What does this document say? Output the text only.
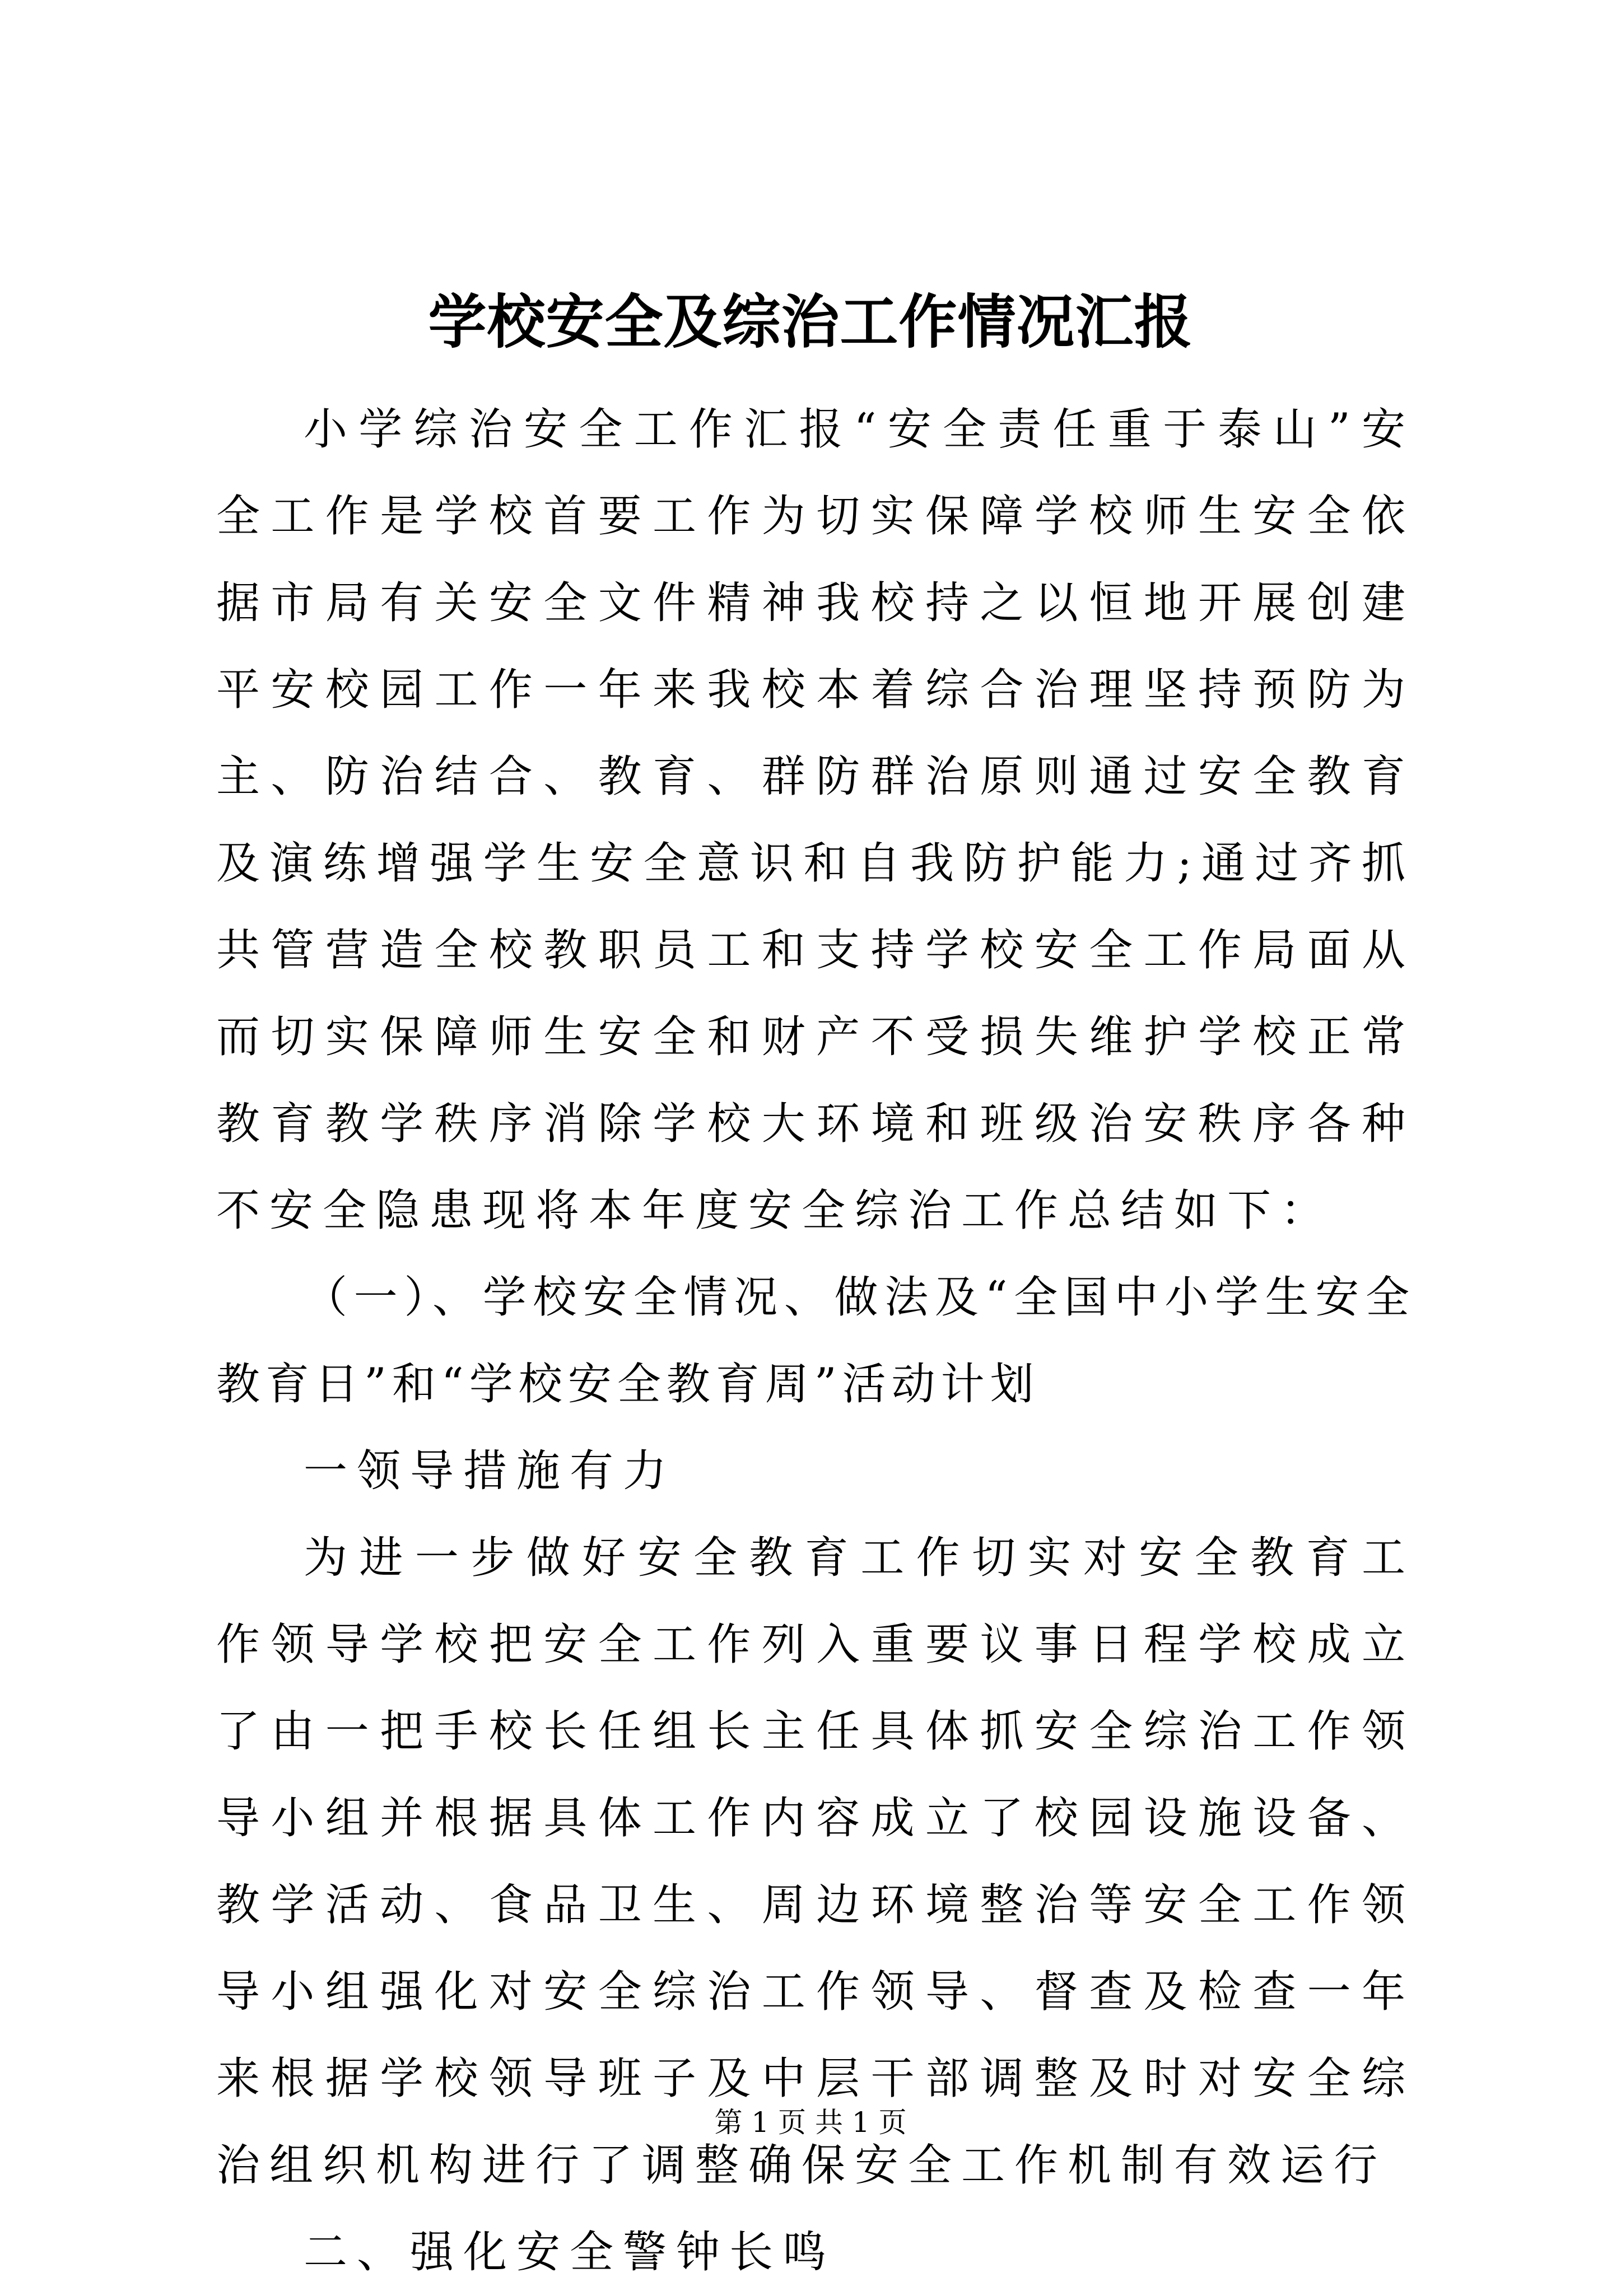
学校安全及综治工作情况汇报

小学综治安全工作汇报“安全责任重于泰山”安全工作是学校首要工作为切实保障学校师生安全依据市局有关安全文件精神我校持之以恒地开展创建平安校园工作一年来我校本着综合治理坚持预防为主、防治结合、教育、群防群治原则通过安全教育及演练增强学生安全意识和自我防护能力;通过齐抓共管营造全校教职员工和支持学校安全工作局面从而切实保障师生安全和财产不受损失维护学校正常教育教学秩序消除学校大环境和班级治安秩序各种不安全隐患现将本年度安全综治工作总结如下：

（一）、学校安全情况、做法及“全国中小学生安全教育日”和“学校安全教育周”活动计划

一领导措施有力

为进一步做好安全教育工作切实对安全教育工作领导学校把安全工作列入重要议事日程学校成立了由一把手校长任组长主任具体抓安全综治工作领导小组并根据具体工作内容成立了校园设施设备、教学活动、食品卫生、周边环境整治等安全工作领导小组强化对安全综治工作领导、督查及检查一年来根据学校领导班子及中层干部调整及时对安全综治组织机构进行了调整确保安全工作机制有效运行

二、强化安全警钟长鸣

第 1 页 共 1 页
